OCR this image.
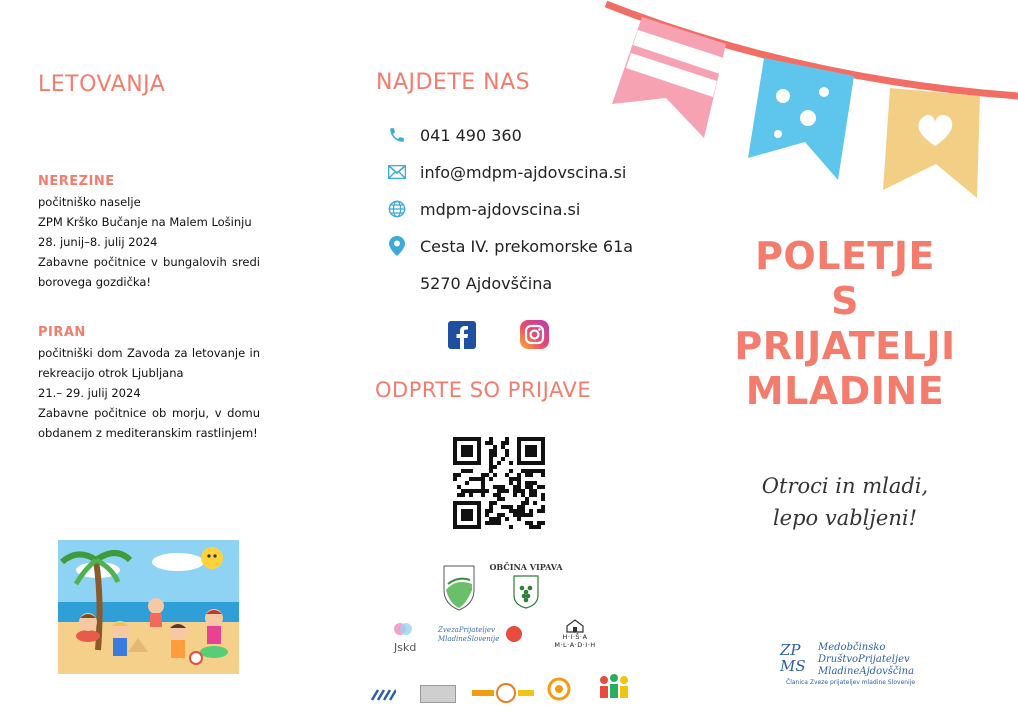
LETOVANJA
NEREZINE
počitniško naselje
ZPM Krško Bučanje na Malem Lošinju
28. junij–8. julij 2024
Zabavne počitnice v bungalovih sredi
borovega gozdička!
PIRAN
počitniški dom Zavoda za letovanje in
rekreacijo otrok Ljubljana
21.– 29. julij 2024
Zabavne počitnice ob morju, v domu
obdanem z mediteranskim rastlinjem!
NAJDETE NAS
041 490 360
info@mdpm-ajdovscina.si
mdpm-ajdovscina.si
Cesta IV. prekomorske 61a
5270 Ajdovščina
ODPRTE SO PRIJAVE
OBČINA VIPAVA
Jskd
ZvezaPrijateljev MladineSlovenije	H·I·Š·A M·L·A·D·I·H
POLETJE
S
PRIJATELJI
MLADINE
Otroci in mladi,
lepo vabljeni!
ZPMS
Medobčinsko
DruštvoPrijateljev
MladineAjdovščina
Članica Zveze prijateljev mladine Slovenije
